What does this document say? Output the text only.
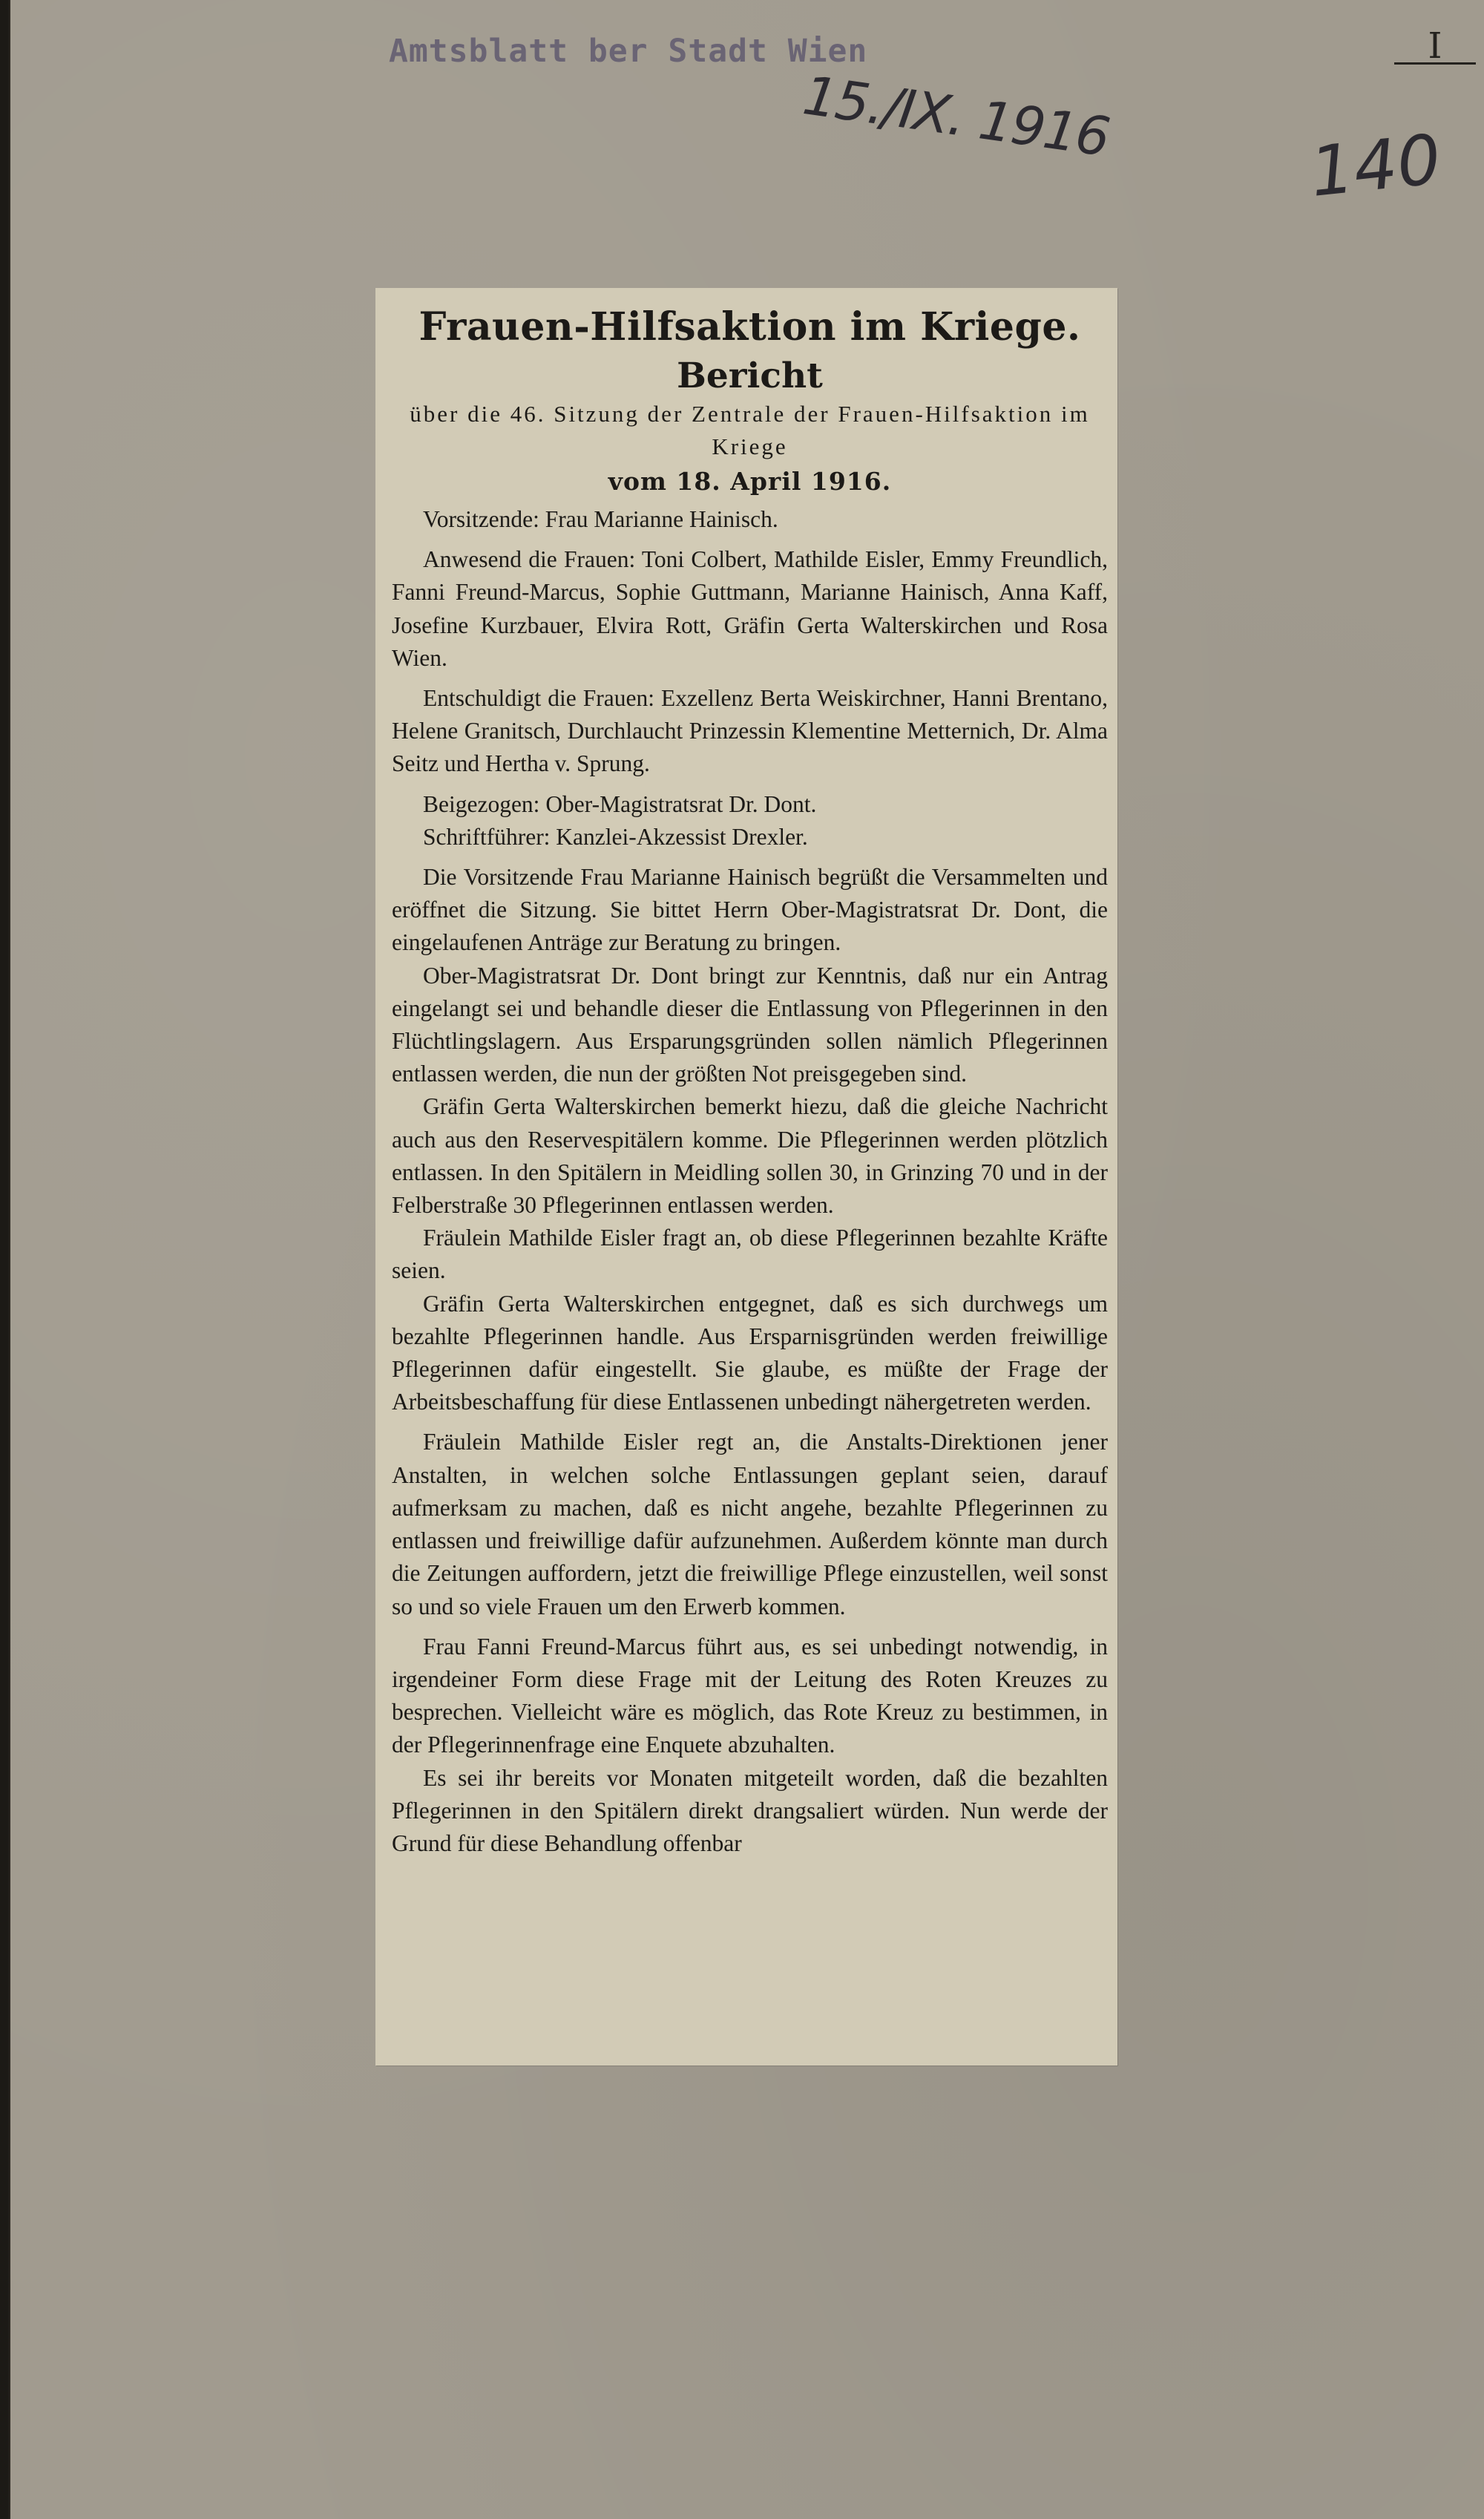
Amtsblatt ber Stadt Wien
15./IX. 1916	140
I
Frauen-Hilfsaktion im Kriege.
Bericht

über die 46. Sitzung der Zentrale der Frauen-Hilfsaktion im Kriege

vom 18. April 1916.

Vorsitzende: Frau Marianne Hainisch.

Anwesend die Frauen: Toni Colbert, Mathilde Eisler, Emmy Freundlich, Fanni Freund-Marcus, Sophie Guttmann, Marianne Hainisch, Anna Kaff, Josefine Kurzbauer, Elvira Rott, Gräfin Gerta Walterskirchen und Rosa Wien.

Entschuldigt die Frauen: Exzellenz Berta Weiskirchner, Hanni Brentano, Helene Granitsch, Durchlaucht Prinzessin Klementine Metternich, Dr. Alma Seitz und Hertha v. Sprung.

Beigezogen: Ober-Magistratsrat Dr. Dont.

Schriftführer: Kanzlei-Akzessist Drexler.

Die Vorsitzende Frau Marianne Hainisch begrüßt die Versammelten und eröffnet die Sitzung. Sie bittet Herrn Ober-Magistratsrat Dr. Dont, die eingelaufenen Anträge zur Beratung zu bringen.

Ober-Magistratsrat Dr. Dont bringt zur Kenntnis, daß nur ein Antrag eingelangt sei und behandle dieser die Entlassung von Pflegerinnen in den Flüchtlingslagern. Aus Ersparungsgründen sollen nämlich Pflegerinnen entlassen werden, die nun der größten Not preisgegeben sind.

Gräfin Gerta Walterskirchen bemerkt hiezu, daß die gleiche Nachricht auch aus den Reservespitälern komme. Die Pflegerinnen werden plötzlich entlassen. In den Spitälern in Meidling sollen 30, in Grinzing 70 und in der Felberstraße 30 Pflegerinnen entlassen werden.

Fräulein Mathilde Eisler fragt an, ob diese Pflegerinnen bezahlte Kräfte seien.

Gräfin Gerta Walterskirchen entgegnet, daß es sich durchwegs um bezahlte Pflegerinnen handle. Aus Ersparnisgründen werden freiwillige Pflegerinnen dafür eingestellt. Sie glaube, es müßte der Frage der Arbeitsbeschaffung für diese Entlassenen unbedingt nähergetreten werden.

Fräulein Mathilde Eisler regt an, die Anstalts-Direktionen jener Anstalten, in welchen solche Entlassungen geplant seien, darauf aufmerksam zu machen, daß es nicht angehe, bezahlte Pflegerinnen zu entlassen und freiwillige dafür aufzunehmen. Außerdem könnte man durch die Zeitungen auffordern, jetzt die freiwillige Pflege einzustellen, weil sonst so und so viele Frauen um den Erwerb kommen.

Frau Fanni Freund-Marcus führt aus, es sei unbedingt notwendig, in irgendeiner Form diese Frage mit der Leitung des Roten Kreuzes zu besprechen. Vielleicht wäre es möglich, das Rote Kreuz zu bestimmen, in der Pflegerinnenfrage eine Enquete abzuhalten.

Es sei ihr bereits vor Monaten mitgeteilt worden, daß die bezahlten Pflegerinnen in den Spitälern direkt drangsaliert würden. Nun werde der Grund für diese Behandlung offenbar
